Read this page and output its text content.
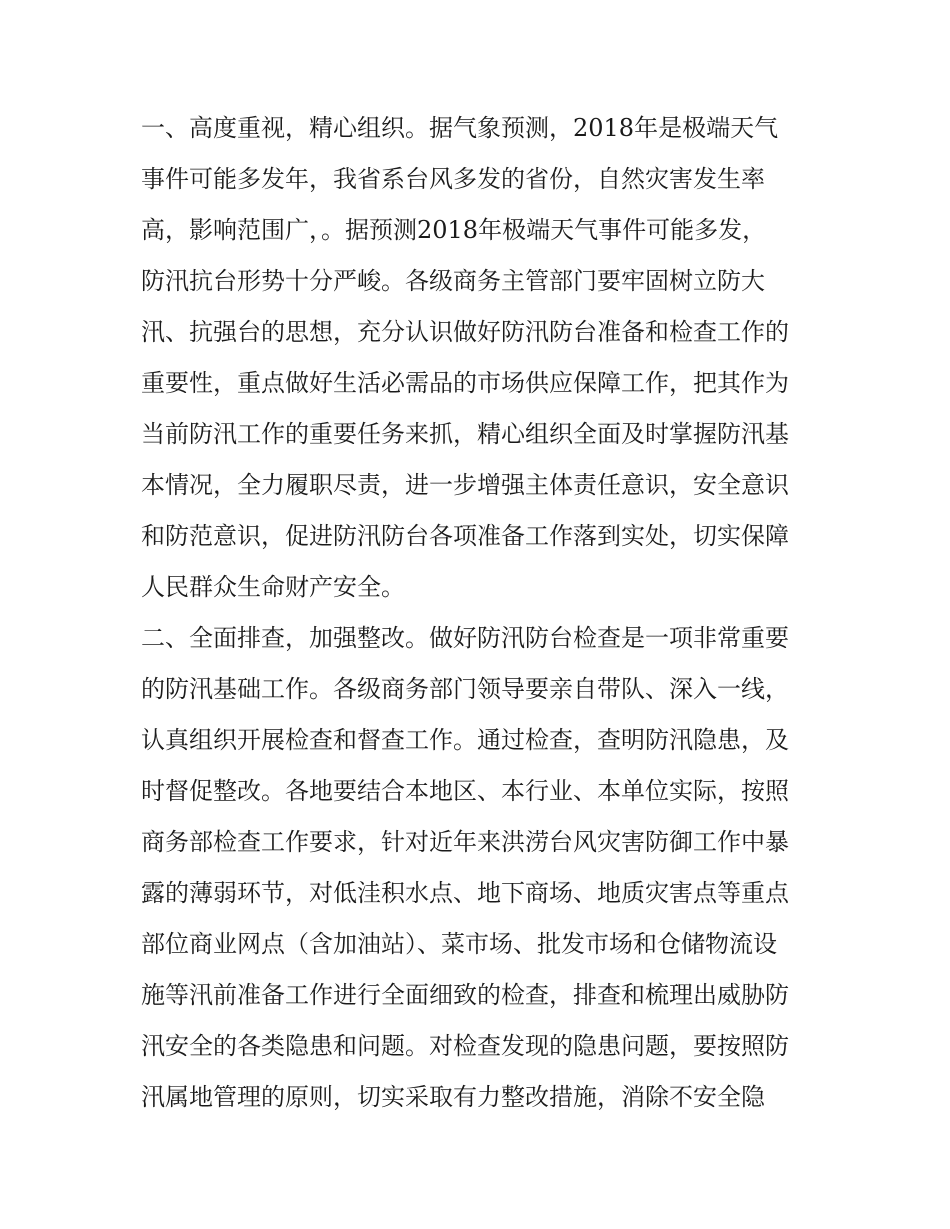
一、高度重视，精心组织。据气象预测，2018年是极端天气
事件可能多发年，我省系台风多发的省份，自然灾害发生率
高，影响范围广，。据预测2018年极端天气事件可能多发，
防汛抗台形势十分严峻。各级商务主管部门要牢固树立防大
汛、抗强台的思想，充分认识做好防汛防台准备和检查工作的
重要性，重点做好生活必需品的市场供应保障工作，把其作为
当前防汛工作的重要任务来抓，精心组织全面及时掌握防汛基
本情况，全力履职尽责，进一步增强主体责任意识，安全意识
和防范意识，促进防汛防台各项准备工作落到实处，切实保障
人民群众生命财产安全。
二、全面排查，加强整改。做好防汛防台检查是一项非常重要
的防汛基础工作。各级商务部门领导要亲自带队、深入一线，
认真组织开展检查和督查工作。通过检查，查明防汛隐患，及
时督促整改。各地要结合本地区、本行业、本单位实际，按照
商务部检查工作要求，针对近年来洪涝台风灾害防御工作中暴
露的薄弱环节，对低洼积水点、地下商场、地质灾害点等重点
部位商业网点（含加油站）、菜市场、批发市场和仓储物流设
施等汛前准备工作进行全面细致的检查，排查和梳理出威胁防
汛安全的各类隐患和问题。对检查发现的隐患问题，要按照防
汛属地管理的原则，切实采取有力整改措施，消除不安全隐
